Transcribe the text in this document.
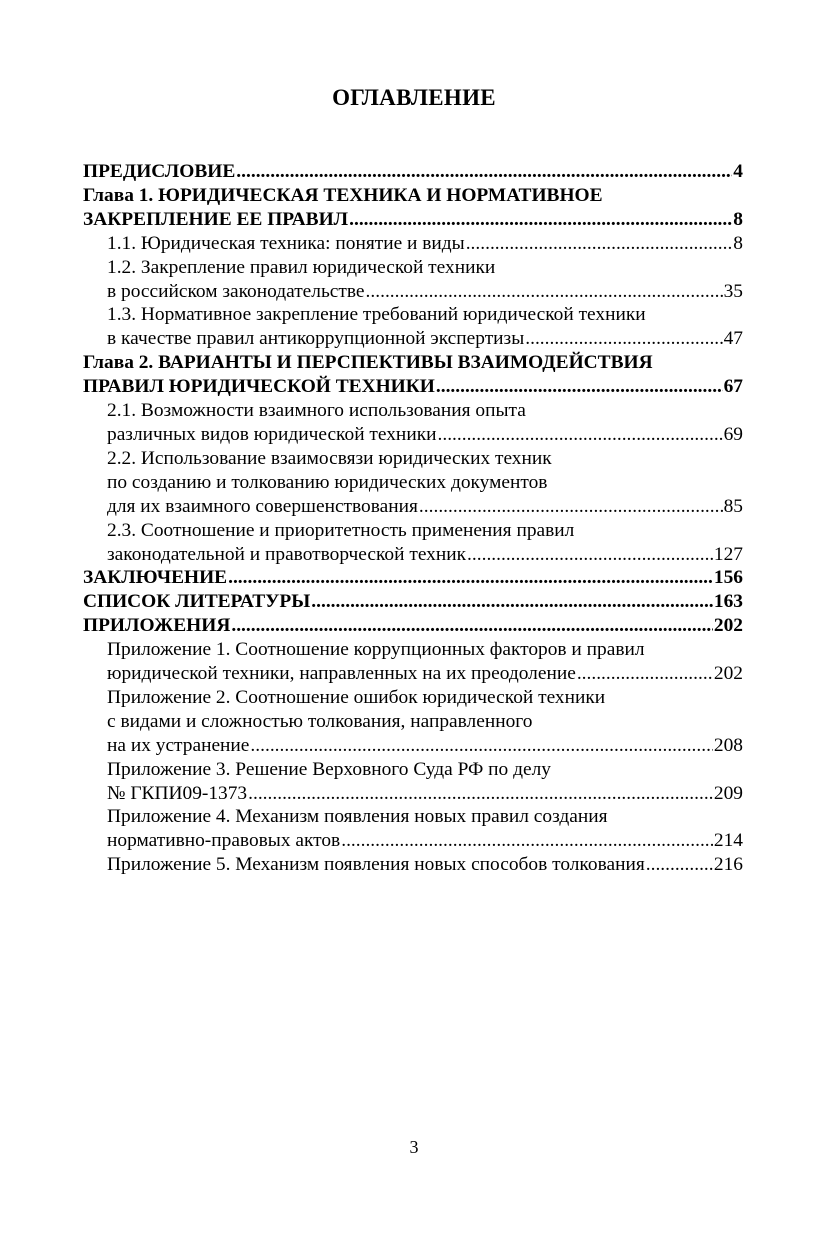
ОГЛАВЛЕНИЕ
ПРЕДИСЛОВИЕ .....	4
Глава 1. ЮРИДИЧЕСКАЯ ТЕХНИКА И НОРМАТИВНОЕ
ЗАКРЕПЛЕНИЕ ЕЕ ПРАВИЛ .....	8
1.1. Юридическая техника: понятие и виды .....	8
1.2. Закрепление правил юридической техники
в российском законодательстве .....	35
1.3. Нормативное закрепление требований юридической техники
в качестве правил антикоррупционной экспертизы .....	47
Глава 2. ВАРИАНТЫ И ПЕРСПЕКТИВЫ ВЗАИМОДЕЙСТВИЯ
ПРАВИЛ ЮРИДИЧЕСКОЙ ТЕХНИКИ .....	67
2.1. Возможности взаимного использования опыта
различных видов юридической техники .....	69
2.2. Использование взаимосвязи юридических техник
по созданию и толкованию юридических документов
для их взаимного совершенствования .....	85
2.3. Соотношение и приоритетность применения правил
законодательной и правотворческой техник .....	127
ЗАКЛЮЧЕНИЕ .....	156
СПИСОК ЛИТЕРАТУРЫ .....	163
ПРИЛОЖЕНИЯ .....	202
Приложение 1. Соотношение коррупционных факторов и правил
юридической техники, направленных на их преодоление .....	202
Приложение 2. Соотношение ошибок юридической техники
с видами и сложностью толкования, направленного
на их устранение .....	208
Приложение 3. Решение Верховного Суда РФ по делу
№ ГКПИ09-1373 .....	209
Приложение 4. Механизм появления новых правил создания
нормативно-правовых актов .....	214
Приложение 5. Механизм появления новых способов толкования .....	216
3
